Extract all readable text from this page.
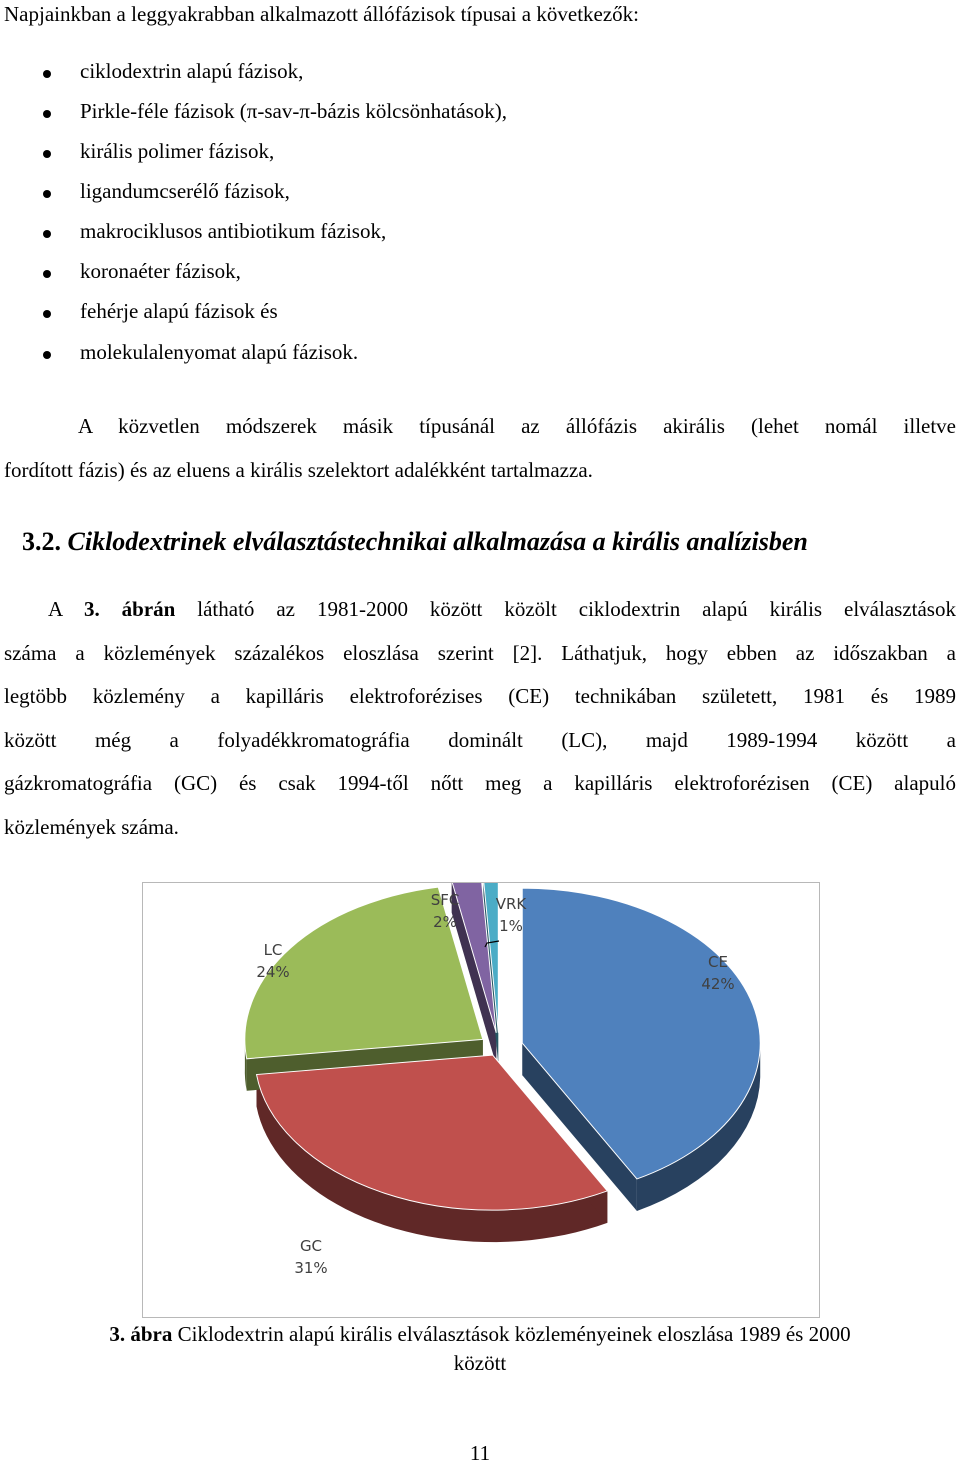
Napjainkban a leggyakrabban alkalmazott állófázisok típusai a következők:
ciklodextrin alapú fázisok,
Pirkle-féle fázisok (π-sav-π-bázis kölcsönhatások),
királis polimer fázisok,
ligandumcserélő fázisok,
makrociklusos antibiotikum fázisok,
koronaéter fázisok,
fehérje alapú fázisok és
molekulalenyomat alapú fázisok.
A közvetlen módszerek másik típusánál az állófázis akirális (lehet nomál illetve
fordított fázis) és az eluens a királis szelektort adalékként tartalmazza.
3.2. Ciklodextrinek elválasztástechnikai alkalmazása a királis analízisben
A 3. ábrán látható az 1981-2000 között közölt ciklodextrin alapú királis elválasztások
száma a közlemények százalékos eloszlása szerint [2]. Láthatjuk, hogy ebben az időszakban a
legtöbb közlemény a kapilláris elektroforézises (CE) technikában született, 1981 és 1989
között még a folyadékkromatográfia dominált (LC), majd 1989-1994 között a
gázkromatográfia (GC) és csak 1994-től nőtt meg a kapilláris elektroforézisen (CE) alapuló
közlemények száma.
CE
42%
GC
31%
LC
24%
SFC
2%
VRK
1%
3. ábra Ciklodextrin alapú királis elválasztások közleményeinek eloszlása 1989 és 2000
között
11
